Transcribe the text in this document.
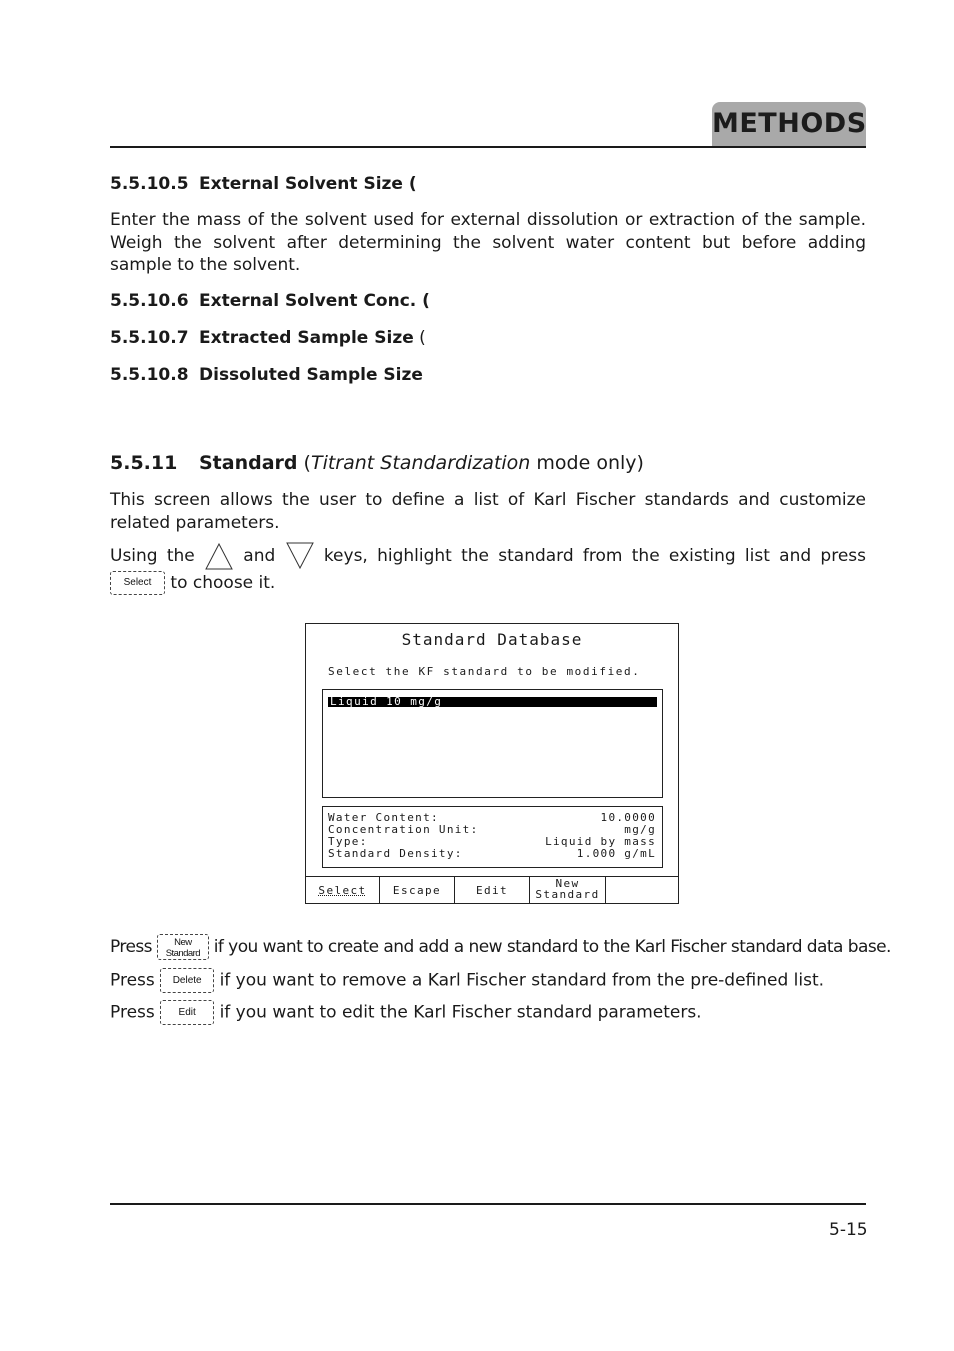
METHODS
5.5.10.5 External Solvent Size (
Enter the mass of the solvent used for external dissolution or extraction of the sample. Weigh the solvent after determining the solvent water content but before adding sample to the solvent.
5.5.10.6 External Solvent Conc. (
5.5.10.7 Extracted Sample Size (
5.5.10.8 Dissoluted Sample Size
5.5.11 Standard (Titrant Standardization mode only)
This screen allows the user to define a list of Karl Fischer standards and customize related parameters.
Using the	and	keys, highlight the standard from the existing list and press Select to choose it.
Standard Database
Select the KF standard to be modified.
Liquid 10 mg/g
Water Content:	10.0000
Concentration Unit:	mg/g
Type:	Liquid by mass
Standard Density:	1.000 g/mL
Select	Escape	Edit
New
Standard
Press New
Standard if you want to create and add a new standard to the Karl Fischer standard data base.
Press Delete if you want to remove a Karl Fischer standard from the pre-defined list.
Press Edit if you want to edit the Karl Fischer standard parameters.
5-15
